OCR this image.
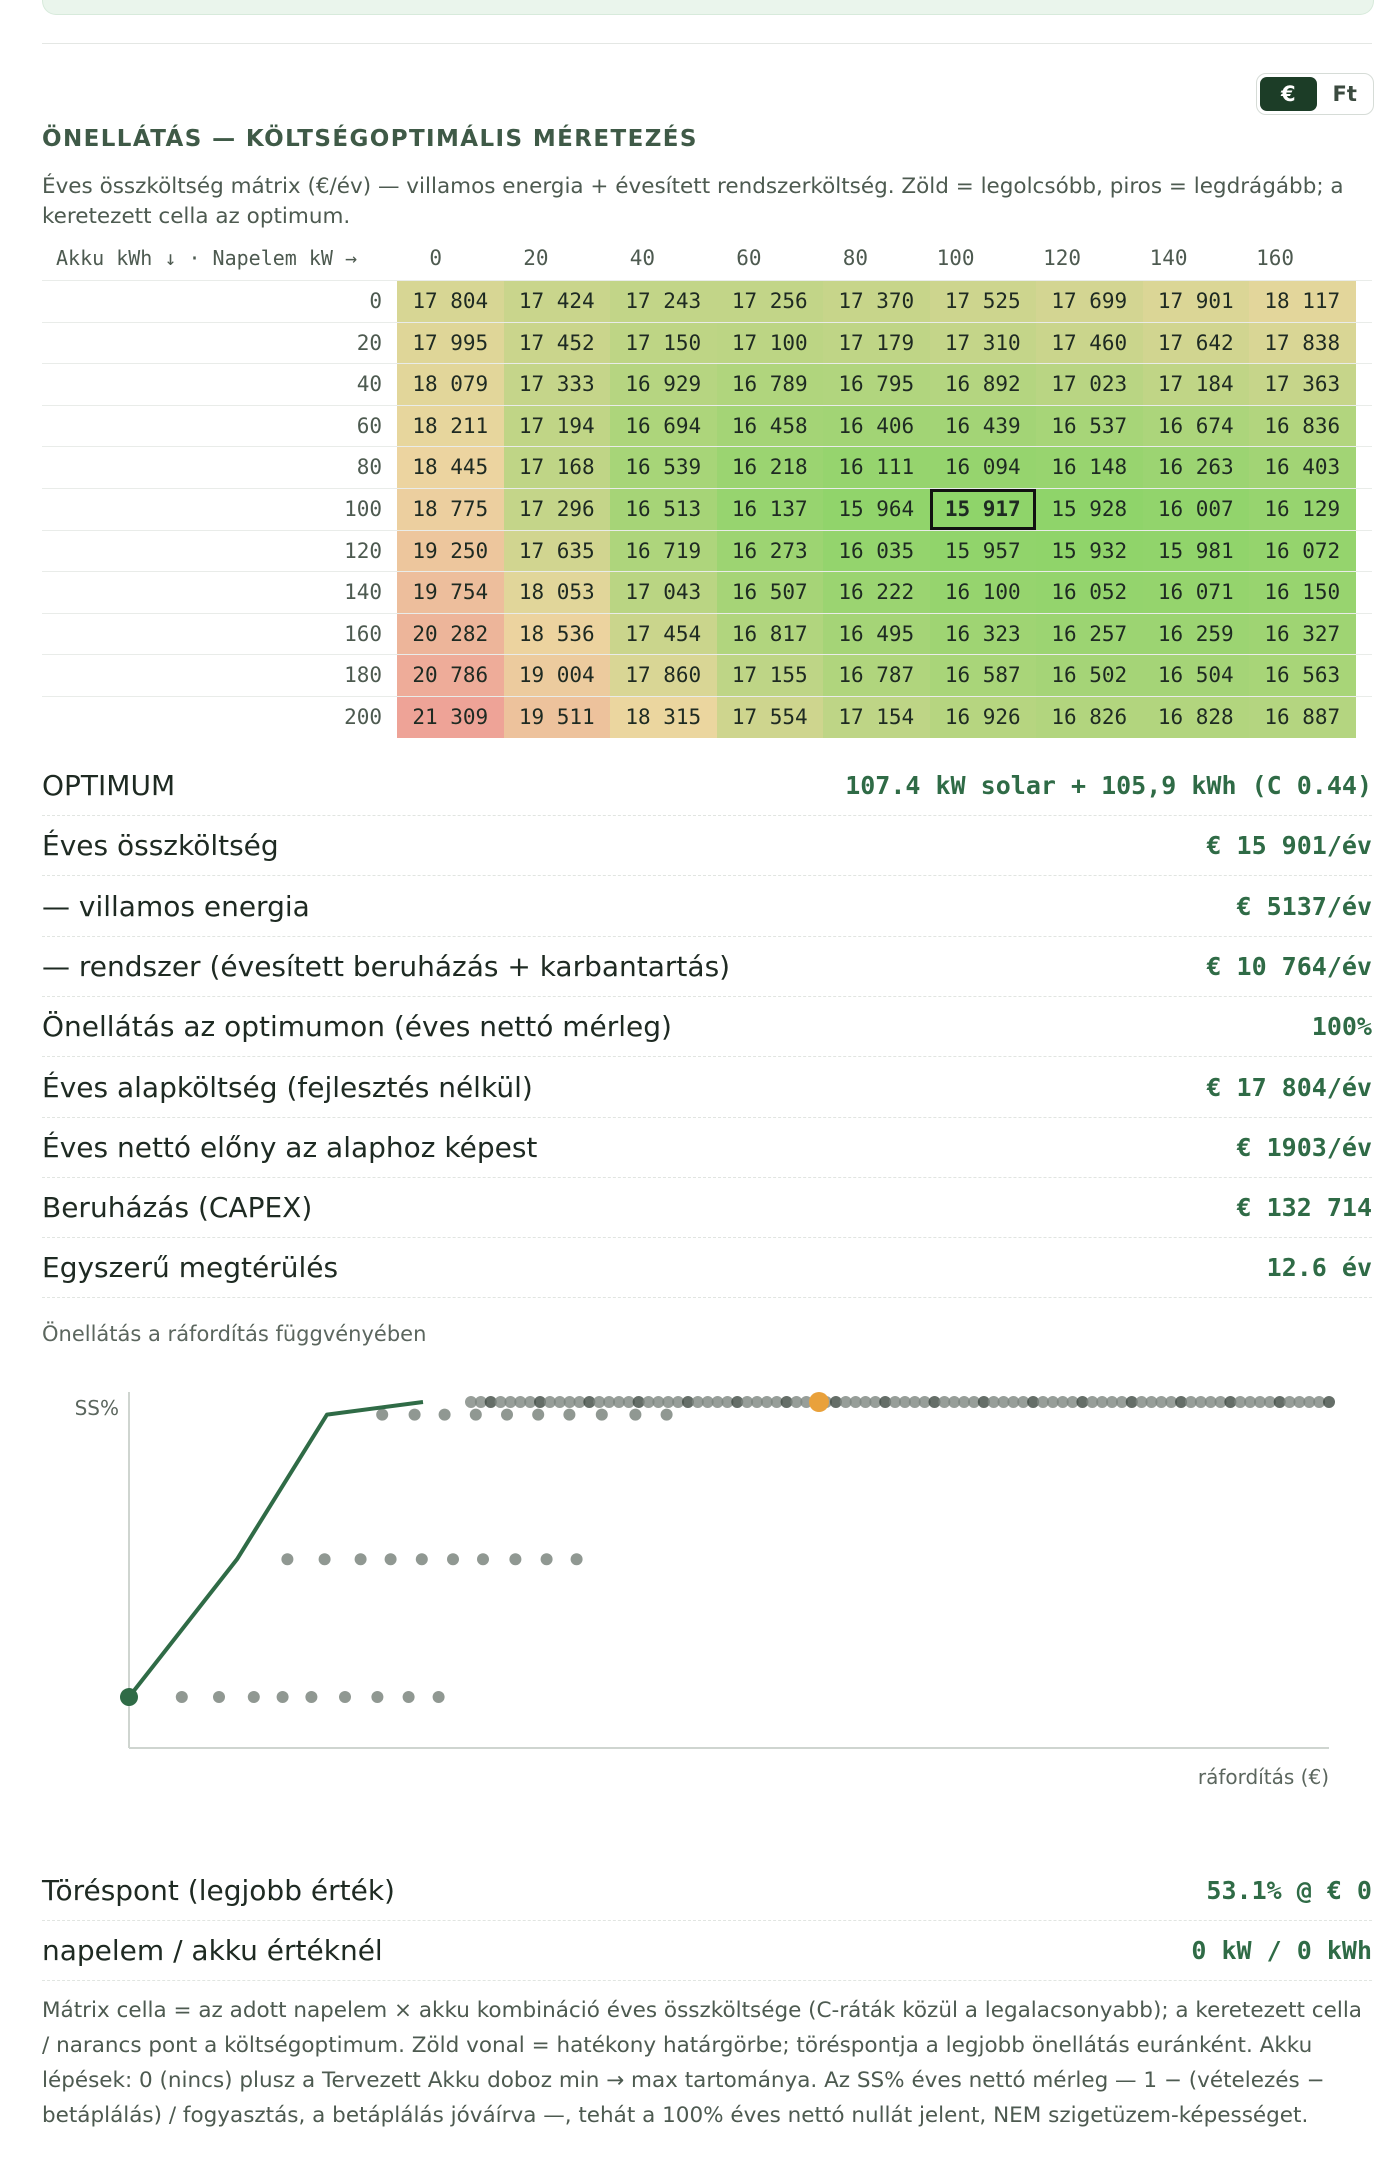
€	Ft
ÖNELLÁTÁS — KÖLTSÉGOPTIMÁLIS MÉRETEZÉS
Éves összköltség mátrix (€/év) — villamos energia + évesített rendszerköltség. Zöld = legolcsóbb, piros = legdrágább; a keretezett cella az optimum.
Akku kWh ↓ · Napelem kW →	0	20	40	60	80	100	120	140	160
0	17 804	17 424	17 243	17 256	17 370	17 525	17 699	17 901	18 117
20	17 995	17 452	17 150	17 100	17 179	17 310	17 460	17 642	17 838
40	18 079	17 333	16 929	16 789	16 795	16 892	17 023	17 184	17 363
60	18 211	17 194	16 694	16 458	16 406	16 439	16 537	16 674	16 836
80	18 445	17 168	16 539	16 218	16 111	16 094	16 148	16 263	16 403
100	18 775	17 296	16 513	16 137	15 964	15 917	15 928	16 007	16 129
120	19 250	17 635	16 719	16 273	16 035	15 957	15 932	15 981	16 072
140	19 754	18 053	17 043	16 507	16 222	16 100	16 052	16 071	16 150
160	20 282	18 536	17 454	16 817	16 495	16 323	16 257	16 259	16 327
180	20 786	19 004	17 860	17 155	16 787	16 587	16 502	16 504	16 563
200	21 309	19 511	18 315	17 554	17 154	16 926	16 826	16 828	16 887
OPTIMUM	107.4 kW solar + 105,9 kWh (C 0.44)
Éves összköltség	€ 15 901/év
— villamos energia	€ 5137/év
— rendszer (évesített beruházás + karbantartás)	€ 10 764/év
Önellátás az optimumon (éves nettó mérleg)	100%
Éves alapköltség (fejlesztés nélkül)	€ 17 804/év
Éves nettó előny az alaphoz képest	€ 1903/év
Beruházás (CAPEX)	€ 132 714
Egyszerű megtérülés	12.6 év
Önellátás a ráfordítás függvényében
SS%
ráfordítás (€)
Töréspont (legjobb érték)	53.1% @ € 0
napelem / akku értéknél	0 kW / 0 kWh
Mátrix cella = az adott napelem × akku kombináció éves összköltsége (C-ráták közül a legalacsonyabb); a keretezett cella / narancs pont a költségoptimum. Zöld vonal = hatékony határgörbe; töréspontja a legjobb önellátás euránként. Akku lépések: 0 (nincs) plusz a Tervezett Akku doboz min → max tartománya. Az SS% éves nettó mérleg — 1 − (vételezés − betáplálás) / fogyasztás, a betáplálás jóváírva —, tehát a 100% éves nettó nullát jelent, NEM szigetüzem-képességet.
